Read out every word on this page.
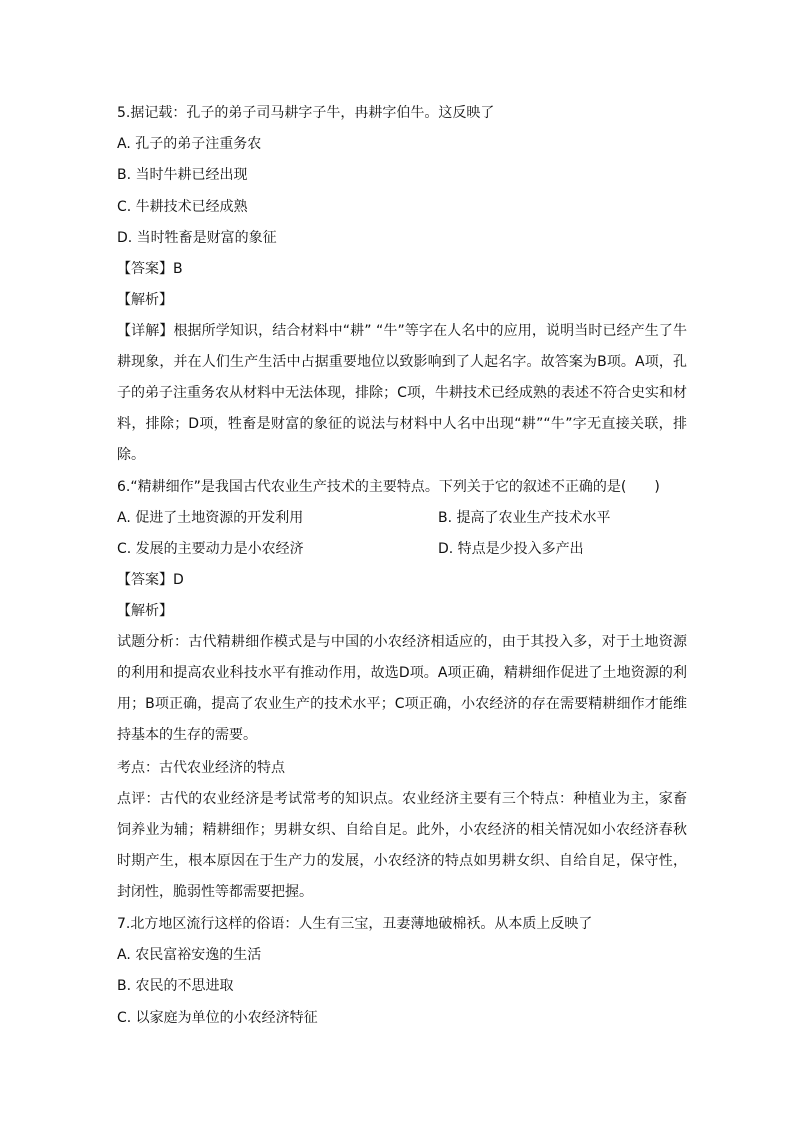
5.据记载：孔子的弟子司马耕字子牛，冉耕字伯牛。这反映了
A. 孔子的弟子注重务农
B. 当时牛耕已经出现
C. 牛耕技术已经成熟
D. 当时牲畜是财富的象征
【答案】B
【解析】
【详解】根据所学知识，结合材料中“耕” “牛”等字在人名中的应用，说明当时已经产生了牛耕现象，并在人们生产生活中占据重要地位以致影响到了人起名字。故答案为B项。A项，孔子的弟子注重务农从材料中无法体现，排除；C项，牛耕技术已经成熟的表述不符合史实和材料，排除；D项，牲畜是财富的象征的说法与材料中人名中出现“耕”“牛”字无直接关联，排除。
6.“精耕细作”是我国古代农业生产技术的主要特点。下列关于它的叙述不正确的是(　　)
A. 促进了土地资源的开发利用	B. 提高了农业生产技术水平
C. 发展的主要动力是小农经济	D. 特点是少投入多产出
【答案】D
【解析】
试题分析：古代精耕细作模式是与中国的小农经济相适应的，由于其投入多，对于土地资源的利用和提高农业科技水平有推动作用，故选D项。A项正确，精耕细作促进了土地资源的利用；B项正确，提高了农业生产的技术水平；C项正确，小农经济的存在需要精耕细作才能维持基本的生存的需要。
考点：古代农业经济的特点
点评：古代的农业经济是考试常考的知识点。农业经济主要有三个特点：种植业为主，家畜饲养业为辅；精耕细作；男耕女织、自给自足。此外，小农经济的相关情况如小农经济春秋时期产生，根本原因在于生产力的发展，小农经济的特点如男耕女织、自给自足，保守性，封闭性，脆弱性等都需要把握。
7.北方地区流行这样的俗语：人生有三宝，丑妻薄地破棉袄。从本质上反映了
A. 农民富裕安逸的生活
B. 农民的不思进取
C. 以家庭为单位的小农经济特征
